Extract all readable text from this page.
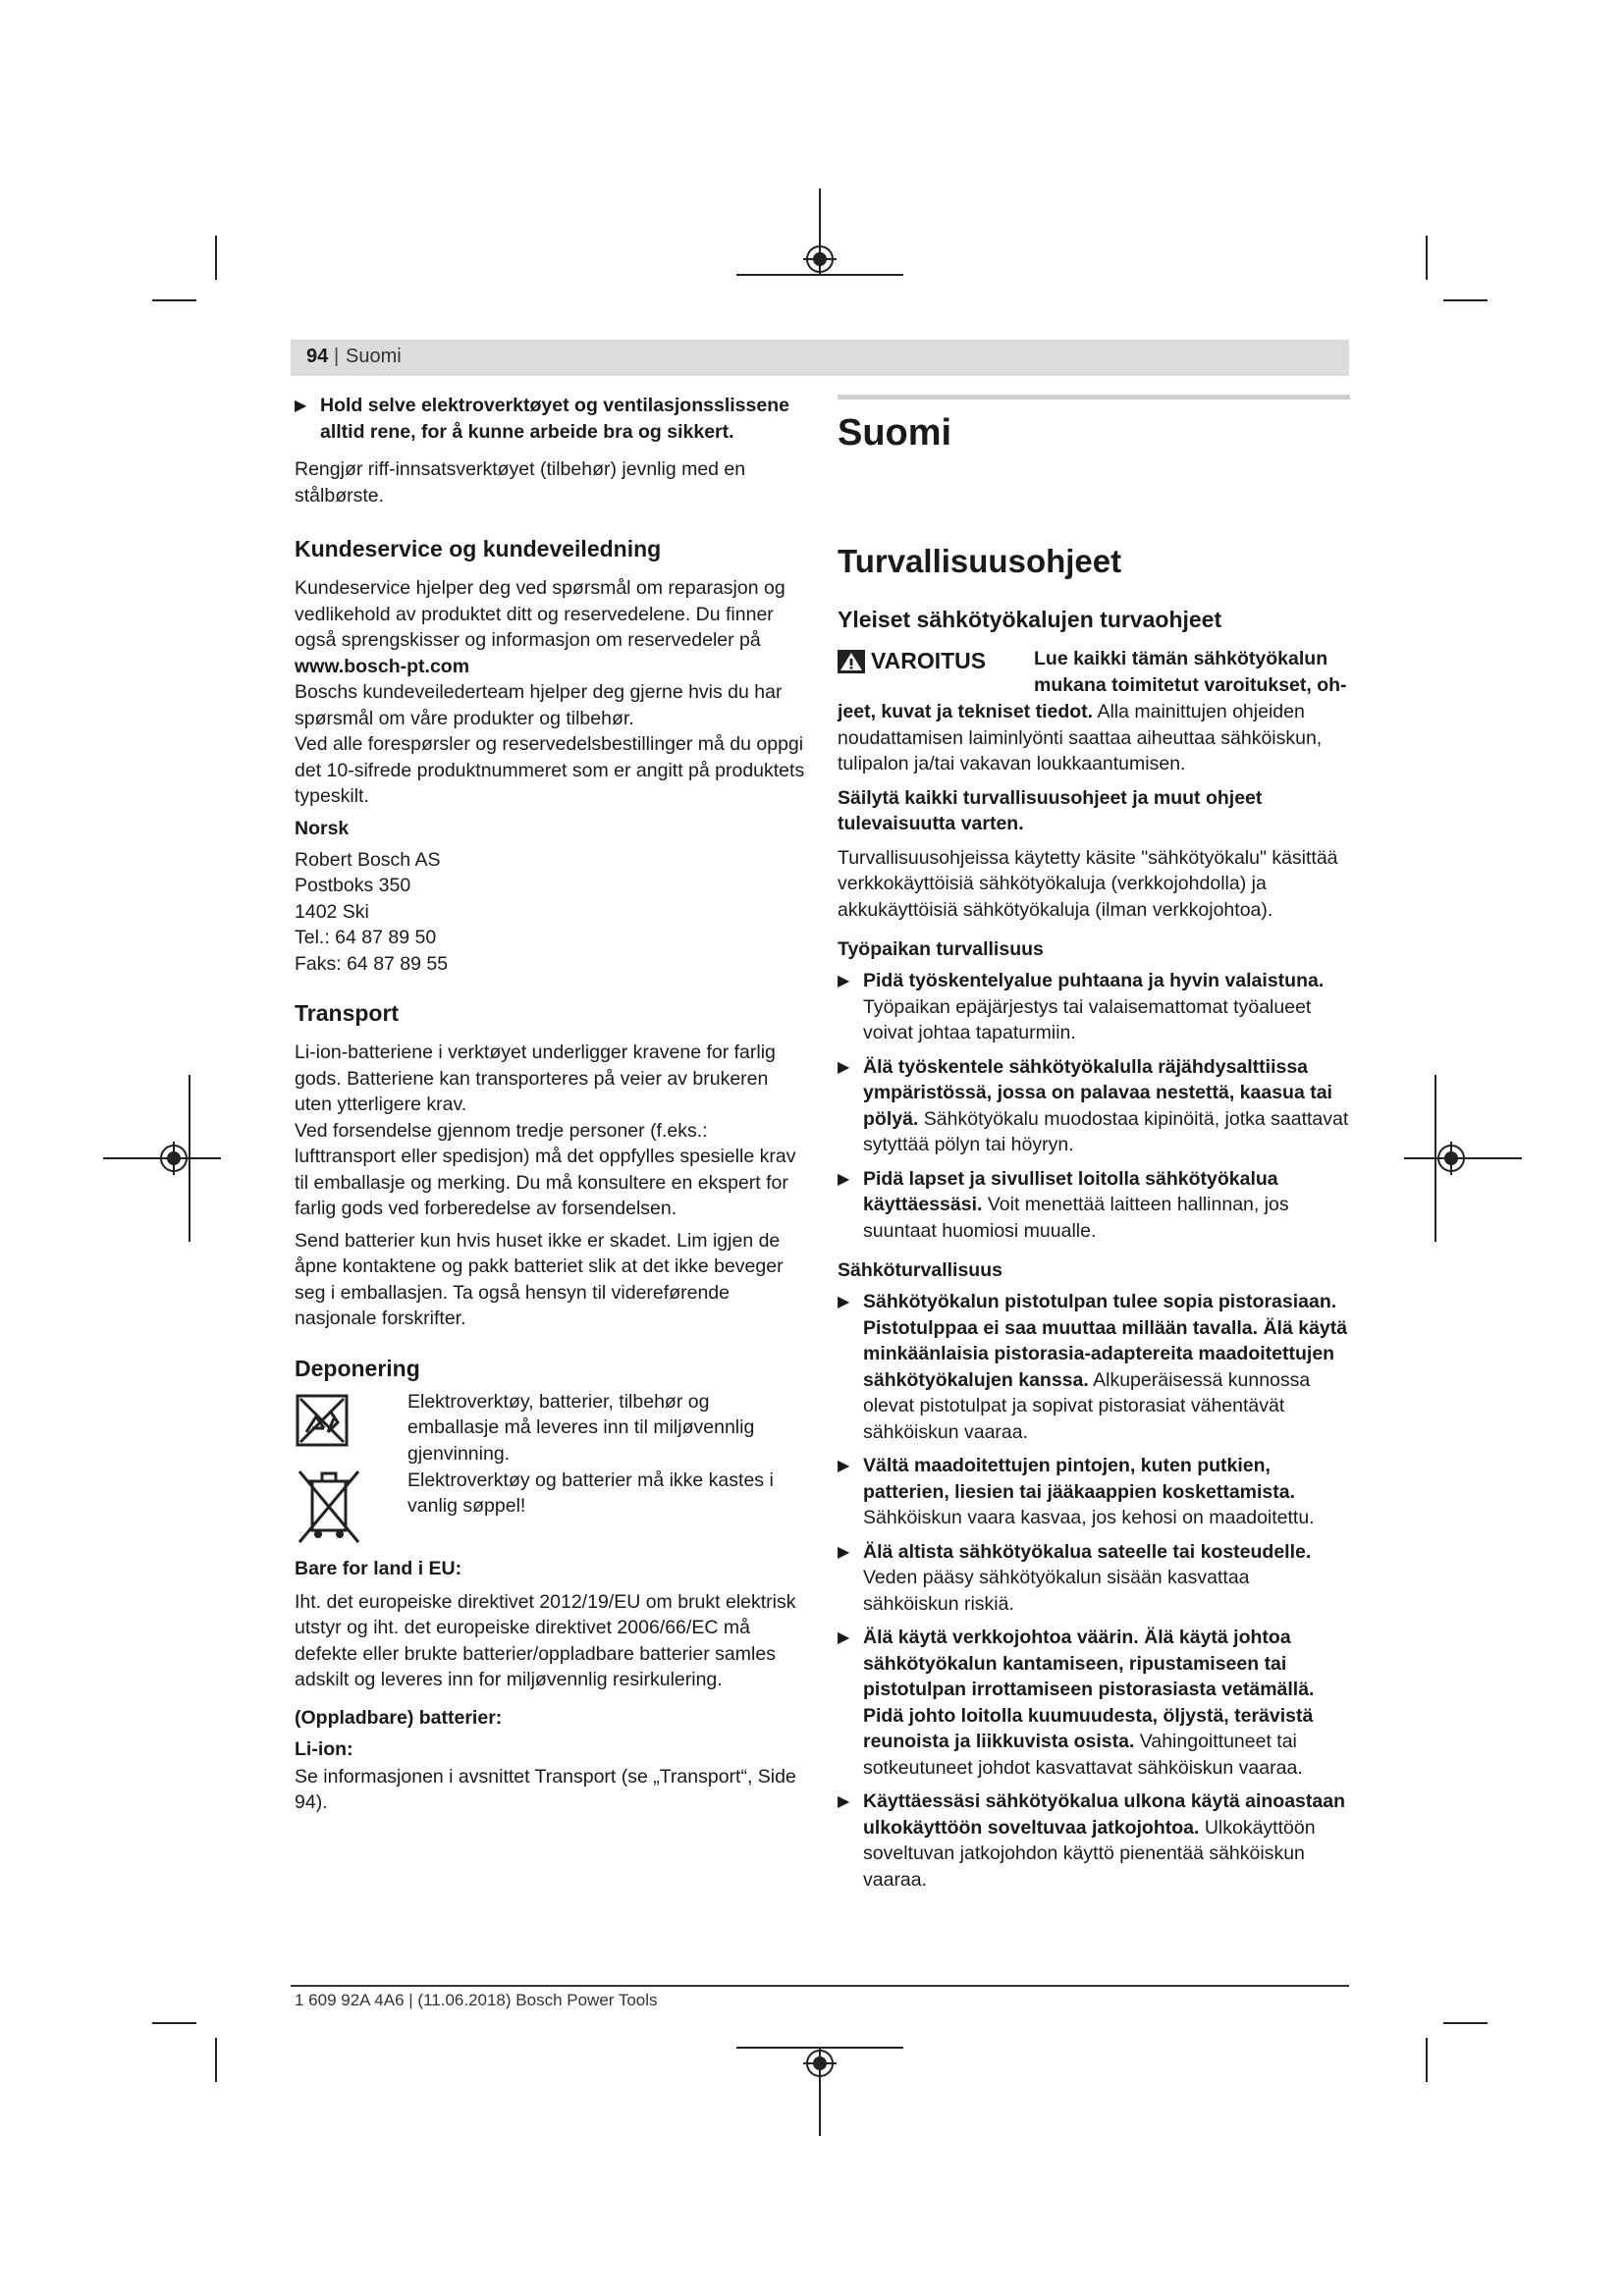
94 | Suomi

▶ Hold selve elektroverktøyet og ventilasjonsslissene alltid rene, for å kunne arbeide bra og sikkert.

Rengjør riff-innsatsverktøyet (tilbehør) jevnlig med en stålbørste.

Kundeservice og kundeveiledning

Kundeservice hjelper deg ved spørsmål om reparasjon og vedlikehold av produktet ditt og reservedelene. Du finner også sprengskisser og informasjon om reservedeler på

www.bosch-pt.com

Boschs kundeveilederteam hjelper deg gjerne hvis du har spørsmål om våre produkter og tilbehør.

Ved alle forespørsler og reservedelsbestillinger må du oppgi det 10-sifrede produktnummeret som er angitt på produktets typeskilt.

Norsk

Robert Bosch AS

Postboks 350

1402 Ski

Tel.: 64 87 89 50

Faks: 64 87 89 55

Transport

Li-ion-batteriene i verktøyet underligger kravene for farlig gods. Batteriene kan transporteres på veier av brukeren uten ytterligere krav.

Ved forsendelse gjennom tredje personer (f.eks.: lufttransport eller spedisjon) må det oppfylles spesielle krav til emballasje og merking. Du må konsultere en ekspert for farlig gods ved forberedelse av forsendelsen.

Send batterier kun hvis huset ikke er skadet. Lim igjen de åpne kontaktene og pakk batteriet slik at det ikke beveger seg i emballasjen. Ta også hensyn til videreførende nasjonale forskrifter.

Deponering

Elektroverktøy, batterier, tilbehør og emballasje må leveres inn til miljøvennlig gjenvinning.

Elektroverktøy og batterier må ikke kastes i vanlig søppel!

Bare for land i EU:

Iht. det europeiske direktivet 2012/19/EU om brukt elektrisk utstyr og iht. det europeiske direktivet 2006/66/EC må defekte eller brukte batterier/oppladbare batterier samles adskilt og leveres inn for miljøvennlig resirkulering.

(Oppladbare) batterier:
Li-ion:

Se informasjonen i avsnittet Transport (se „Transport“, Side 94).

Suomi
Turvallisuusohjeet
Yleiset sähkötyökalujen turvaohjeet
VAROITUS	Lue kaikki tämän sähkötyökalun mukana toimitetut varoitukset, oh-

jeet, kuvat ja tekniset tiedot. Alla mainittujen ohjeiden noudattamisen laiminlyönti saattaa aiheuttaa sähköiskun, tulipalon ja/tai vakavan loukkaantumisen.

Säilytä kaikki turvallisuusohjeet ja muut ohjeet tulevaisuutta varten.

Turvallisuusohjeissa käytetty käsite "sähkötyökalu" käsittää verkkokäyttöisiä sähkötyökaluja (verkkojohdolla) ja akkukäyttöisiä sähkötyökaluja (ilman verkkojohtoa).

Työpaikan turvallisuus

▶ Pidä työskentelyalue puhtaana ja hyvin valaistuna. Työpaikan epäjärjestys tai valaisemattomat työalueet voivat johtaa tapaturmiin.

▶ Älä työskentele sähkötyökalulla räjähdysalttiissa ympäristössä, jossa on palavaa nestettä, kaasua tai pölyä. Sähkötyökalu muodostaa kipinöitä, jotka saattavat sytyttää pölyn tai höyryn.

▶ Pidä lapset ja sivulliset loitolla sähkötyökalua käyttäessäsi. Voit menettää laitteen hallinnan, jos suuntaat huomiosi muualle.

Sähköturvallisuus

▶ Sähkötyökalun pistotulpan tulee sopia pistorasiaan. Pistotulppaa ei saa muuttaa millään tavalla. Älä käytä minkäänlaisia pistorasia-adaptereita maadoitettujen sähkötyökalujen kanssa. Alkuperäisessä kunnossa olevat pistotulpat ja sopivat pistorasiat vähentävät sähköiskun vaaraa.

▶ Vältä maadoitettujen pintojen, kuten putkien, patterien, liesien tai jääkaappien koskettamista. Sähköiskun vaara kasvaa, jos kehosi on maadoitettu.

▶ Älä altista sähkötyökalua sateelle tai kosteudelle. Veden pääsy sähkötyökalun sisään kasvattaa sähköiskun riskiä.

▶ Älä käytä verkkojohtoa väärin. Älä käytä johtoa sähkötyökalun kantamiseen, ripustamiseen tai pistotulpan irrottamiseen pistorasiasta vetämällä. Pidä johto loitolla kuumuudesta, öljystä, terävistä reunoista ja liikkuvista osista. Vahingoittuneet tai sotkeutuneet johdot kasvattavat sähköiskun vaaraa.

▶ Käyttäessäsi sähkötyökalua ulkona käytä ainoastaan ulkokäyttöön soveltuvaa jatkojohtoa. Ulkokäyttöön soveltuvan jatkojohdon käyttö pienentää sähköiskun vaaraa.

1 609 92A 4A6 | (11.06.2018) Bosch Power Tools
